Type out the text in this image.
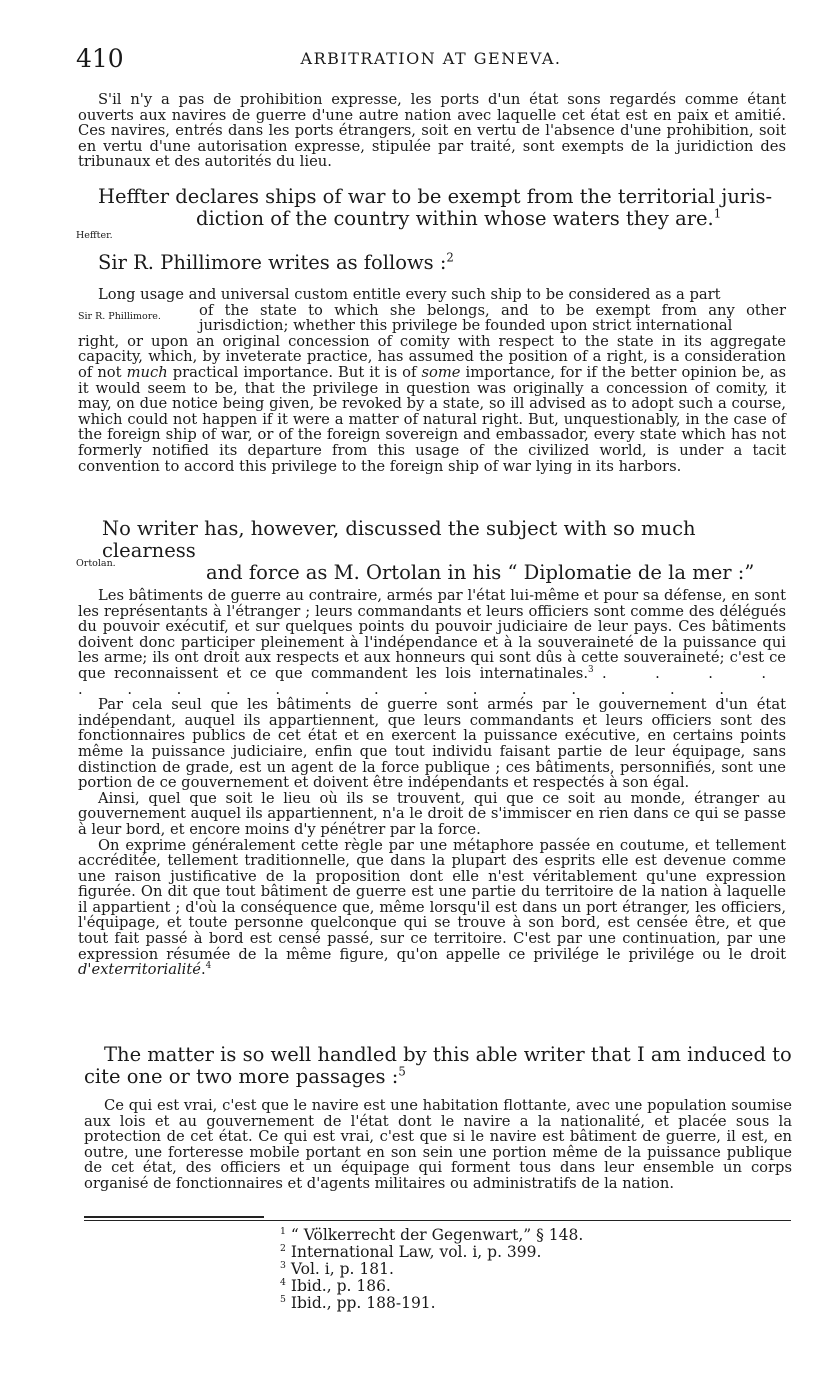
410	ARBITRATION AT GENEVA.

S'il n'y a pas de prohibition expresse, les ports d'un état sons regardés comme étant ouverts aux navires de guerre d'une autre nation avec laquelle cet état est en paix et amitié. Ces navires, entrés dans les ports étrangers, soit en vertu de l'absence d'une prohibition, soit en vertu d'une autorisation expresse, stipulée par traité, sont exempts de la juridiction des tribunaux et des autorités du lieu.

Heffter declares ships of war to be exempt from the territorial juris-
diction of the country within whose waters they are.$^1$

Heffter.

Sir R. Phillimore writes as follows :$^2$

Long usage and universal custom entitle every such ship to be considered as a part
Sir R. Phillimore.	of the state to which she belongs, and to be exempt from any other jurisdiction; whether this privilege be founded upon strict international
right, or upon an original concession of comity with respect to the state in its aggregate capacity, which, by inveterate practice, has assumed the position of a right, is a consideration of not much practical importance. But it is of some importance, for if the better opinion be, as it would seem to be, that the privilege in question was originally a concession of comity, it may, on due notice being given, be revoked by a state, so ill advised as to adopt such a course, which could not happen if it were a matter of natural right. But, unquestionably, in the case of the foreign ship of war, or of the foreign sovereign and embassador, every state which has not formerly notified its departure from this usage of the civilized world, is under a tacit convention to accord this privilege to the foreign ship of war lying in its harbors.

No writer has, however, discussed the subject with so much clearness
and force as M. Ortolan in his “ Diplomatie de la mer :”

Ortolan.
Les bâtiments de guerre au contraire, armés par l'état lui-même et pour sa défense, en sont les représentants à l'étranger ; leurs commandants et leurs officiers sont comme des délégués du pouvoir exécutif, et sur quelques points du pouvoir judiciaire de leur pays. Ces bâtiments doivent donc participer pleinement à l'indépendance et à la souveraineté de la puissance qui les arme; ils ont droit aux respects et aux honneurs qui sont dûs à cette souveraineté; c'est ce que reconnaissent et ce que commandent les lois internatinales.$^3$ . . . . . . . . . . . . . . . . . .
Par cela seul que les bâtiments de guerre sont armés par le gouvernement d'un état indépendant, auquel ils appartiennent, que leurs commandants et leurs officiers sont des fonctionnaires publics de cet état et en exercent la puissance exécutive, en certains points même la puissance judiciaire, enfin que tout individu faisant partie de leur équipage, sans distinction de grade, est un agent de la force publique ; ces bâtiments, personnifiés, sont une portion de ce gouvernement et doivent être indépendants et respectés à son égal.
Ainsi, quel que soit le lieu où ils se trouvent, qui que ce soit au monde, étranger au gouvernement auquel ils appartiennent, n'a le droit de s'immiscer en rien dans ce qui se passe à leur bord, et encore moins d'y pénétrer par la force.
On exprime généralement cette règle par une métaphore passée en coutume, et tellement accréditée, tellement traditionnelle, que dans la plupart des esprits elle est devenue comme une raison justificative de la proposition dont elle n'est véritablement qu'une expression figurée. On dit que tout bâtiment de guerre est une partie du territoire de la nation à laquelle il appartient ; d'où la conséquence que, même lorsqu'il est dans un port étranger, les officiers, l'équipage, et toute personne quelconque qui se trouve à son bord, est censée être, et que tout fait passé à bord est censé passé, sur ce territoire. C'est par une continuation, par une expression résumée de la même figure, qu'on appelle ce privilége le privilége ou le droit d'exterritorialité.$^4$

The matter is so well handled by this able writer that I am induced to cite one or two more passages :$^5$

Ce qui est vrai, c'est que le navire est une habitation flottante, avec une population soumise aux lois et au gouvernement de l'état dont le navire a la nationalité, et placée sous la protection de cet état. Ce qui est vrai, c'est que si le navire est bâtiment de guerre, il est, en outre, une forteresse mobile portant en son sein une portion même de la puissance publique de cet état, des officiers et un équipage qui forment tous dans leur ensemble un corps organisé de fonctionnaires et d'agents militaires ou administratifs de la nation.

$^1$ “ Völkerrecht der Gegenwart,” § 148.
$^2$ International Law, vol. i, p. 399.
$^3$ Vol. i, p. 181.
$^4$ Ibid., p. 186.
$^5$ Ibid., pp. 188-191.
